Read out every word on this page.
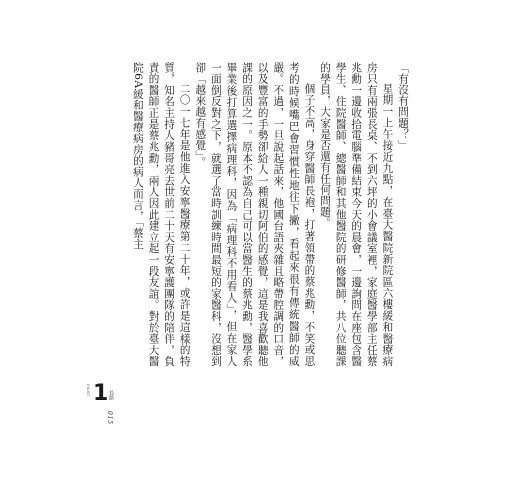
「有沒有問題？」

星期一上午接近九點，在臺大醫院新院區六樓緩和醫療病房只有兩張長桌、不到六坪的小會議室裡，家庭醫學部主任蔡兆勳一邊收拾電腦準備結束今天的晨會，一邊詢問在座包含醫學生、住院醫師、總醫師和其他醫院的研修醫師，共八位聽課的學員，大家是否還有任何問題。

個子不高，身穿醫師長袍，打著領帶的蔡兆勳，不笑或思考的時候嘴巴會習慣性地往下撇，看起來很有傳統醫師的威嚴。不過，一旦說起話來，他國台語夾雜且略帶腔調的口音，以及豐富的手勢卻給人一種親切阿伯的感覺，這是我喜歡聽他課的原因之一。原本不認為自己可以當醫生的蔡兆勳，醫學系畢業後打算選擇病理科，因為「病理科不用看人」，但在家人一面倒反對之下，就選了當時訓練時間最短的家醫科，沒想到卻「越來越有感覺」。

二〇一七年是他進入安寧醫療第二十年，或許是這樣的特質，知名主持人豬哥亮去世前二十天有安寧護團隊的陪伴，負責的醫師正是蔡兆勳，兩人因此建立起一段友誼。對於臺大醫院6A緩和醫療病房的病人而言，「蔡主

PART 1 長路
015
